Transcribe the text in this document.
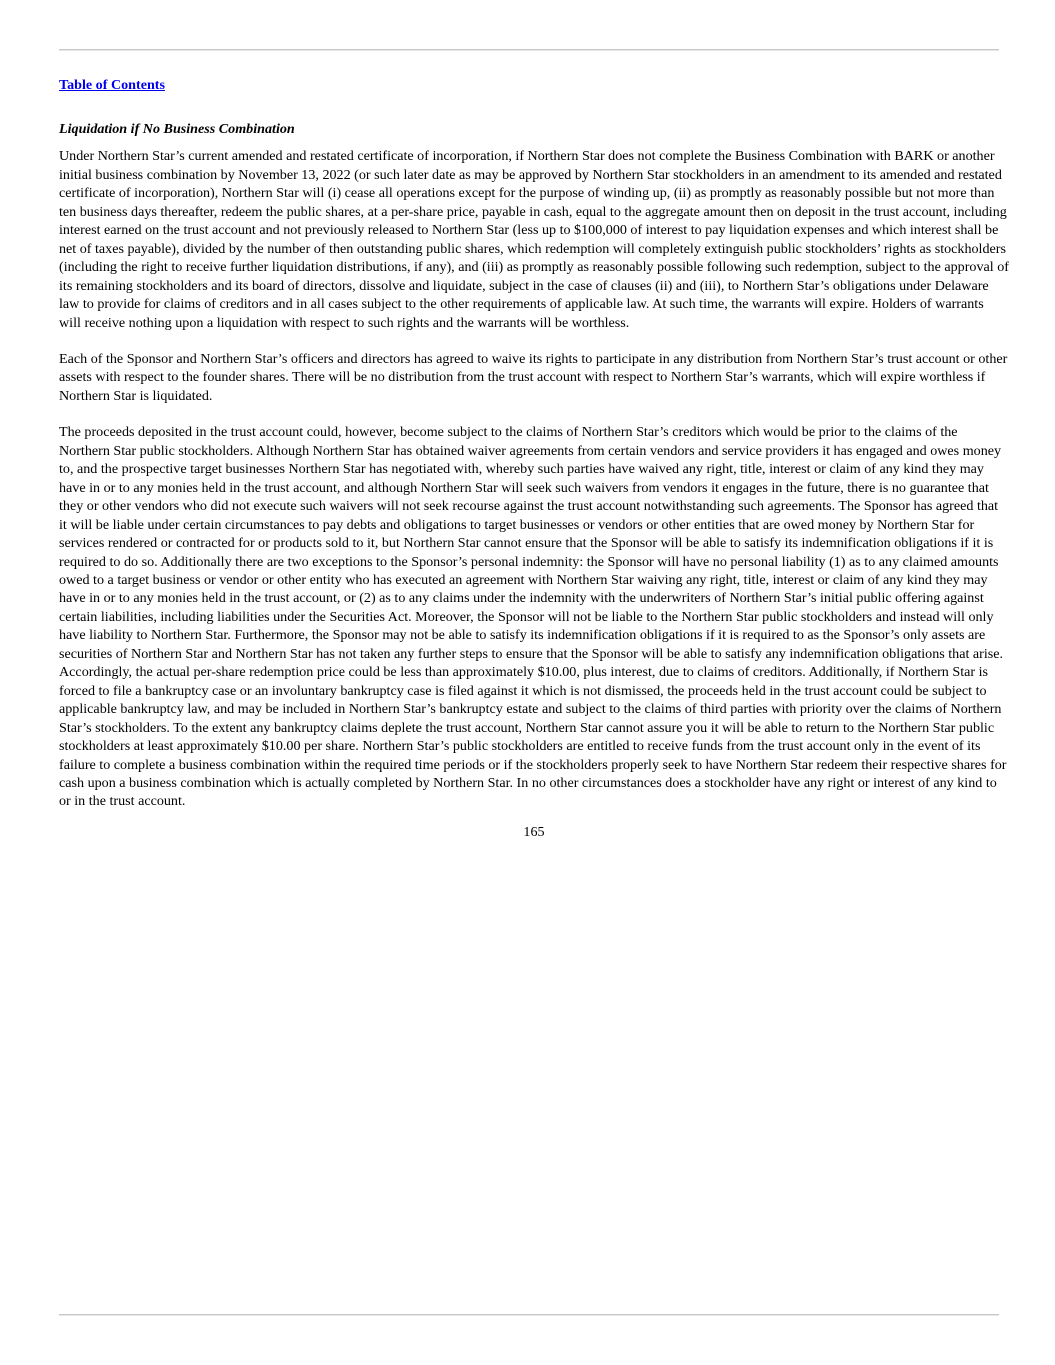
Table of Contents
Liquidation if No Business Combination

Under Northern Star’s current amended and restated certificate of incorporation, if Northern Star does not complete the Business Combination with BARK or another initial business combination by November 13, 2022 (or such later date as may be approved by Northern Star stockholders in an amendment to its amended and restated certificate of incorporation), Northern Star will (i) cease all operations except for the purpose of winding up, (ii) as promptly as reasonably possible but not more than ten business days thereafter, redeem the public shares, at a per-share price, payable in cash, equal to the aggregate amount then on deposit in the trust account, including interest earned on the trust account and not previously released to Northern Star (less up to $100,000 of interest to pay liquidation expenses and which interest shall be net of taxes payable), divided by the number of then outstanding public shares, which redemption will completely extinguish public stockholders’ rights as stockholders (including the right to receive further liquidation distributions, if any), and (iii) as promptly as reasonably possible following such redemption, subject to the approval of its remaining stockholders and its board of directors, dissolve and liquidate, subject in the case of clauses (ii) and (iii), to Northern Star’s obligations under Delaware law to provide for claims of creditors and in all cases subject to the other requirements of applicable law. At such time, the warrants will expire. Holders of warrants will receive nothing upon a liquidation with respect to such rights and the warrants will be worthless.

Each of the Sponsor and Northern Star’s officers and directors has agreed to waive its rights to participate in any distribution from Northern Star’s trust account or other assets with respect to the founder shares. There will be no distribution from the trust account with respect to Northern Star’s warrants, which will expire worthless if Northern Star is liquidated.

The proceeds deposited in the trust account could, however, become subject to the claims of Northern Star’s creditors which would be prior to the claims of the Northern Star public stockholders. Although Northern Star has obtained waiver agreements from certain vendors and service providers it has engaged and owes money to, and the prospective target businesses Northern Star has negotiated with, whereby such parties have waived any right, title, interest or claim of any kind they may have in or to any monies held in the trust account, and although Northern Star will seek such waivers from vendors it engages in the future, there is no guarantee that they or other vendors who did not execute such waivers will not seek recourse against the trust account notwithstanding such agreements. The Sponsor has agreed that it will be liable under certain circumstances to pay debts and obligations to target businesses or vendors or other entities that are owed money by Northern Star for services rendered or contracted for or products sold to it, but Northern Star cannot ensure that the Sponsor will be able to satisfy its indemnification obligations if it is required to do so. Additionally there are two exceptions to the Sponsor’s personal indemnity: the Sponsor will have no personal liability (1) as to any claimed amounts owed to a target business or vendor or other entity who has executed an agreement with Northern Star waiving any right, title, interest or claim of any kind they may have in or to any monies held in the trust account, or (2) as to any claims under the indemnity with the underwriters of Northern Star’s initial public offering against certain liabilities, including liabilities under the Securities Act. Moreover, the Sponsor will not be liable to the Northern Star public stockholders and instead will only have liability to Northern Star. Furthermore, the Sponsor may not be able to satisfy its indemnification obligations if it is required to as the Sponsor’s only assets are securities of Northern Star and Northern Star has not taken any further steps to ensure that the Sponsor will be able to satisfy any indemnification obligations that arise. Accordingly, the actual per-share redemption price could be less than approximately $10.00, plus interest, due to claims of creditors. Additionally, if Northern Star is forced to file a bankruptcy case or an involuntary bankruptcy case is filed against it which is not dismissed, the proceeds held in the trust account could be subject to applicable bankruptcy law, and may be included in Northern Star’s bankruptcy estate and subject to the claims of third parties with priority over the claims of Northern Star’s stockholders. To the extent any bankruptcy claims deplete the trust account, Northern Star cannot assure you it will be able to return to the Northern Star public stockholders at least approximately $10.00 per share. Northern Star’s public stockholders are entitled to receive funds from the trust account only in the event of its failure to complete a business combination within the required time periods or if the stockholders properly seek to have Northern Star redeem their respective shares for cash upon a business combination which is actually completed by Northern Star. In no other circumstances does a stockholder have any right or interest of any kind to or in the trust account.

165
